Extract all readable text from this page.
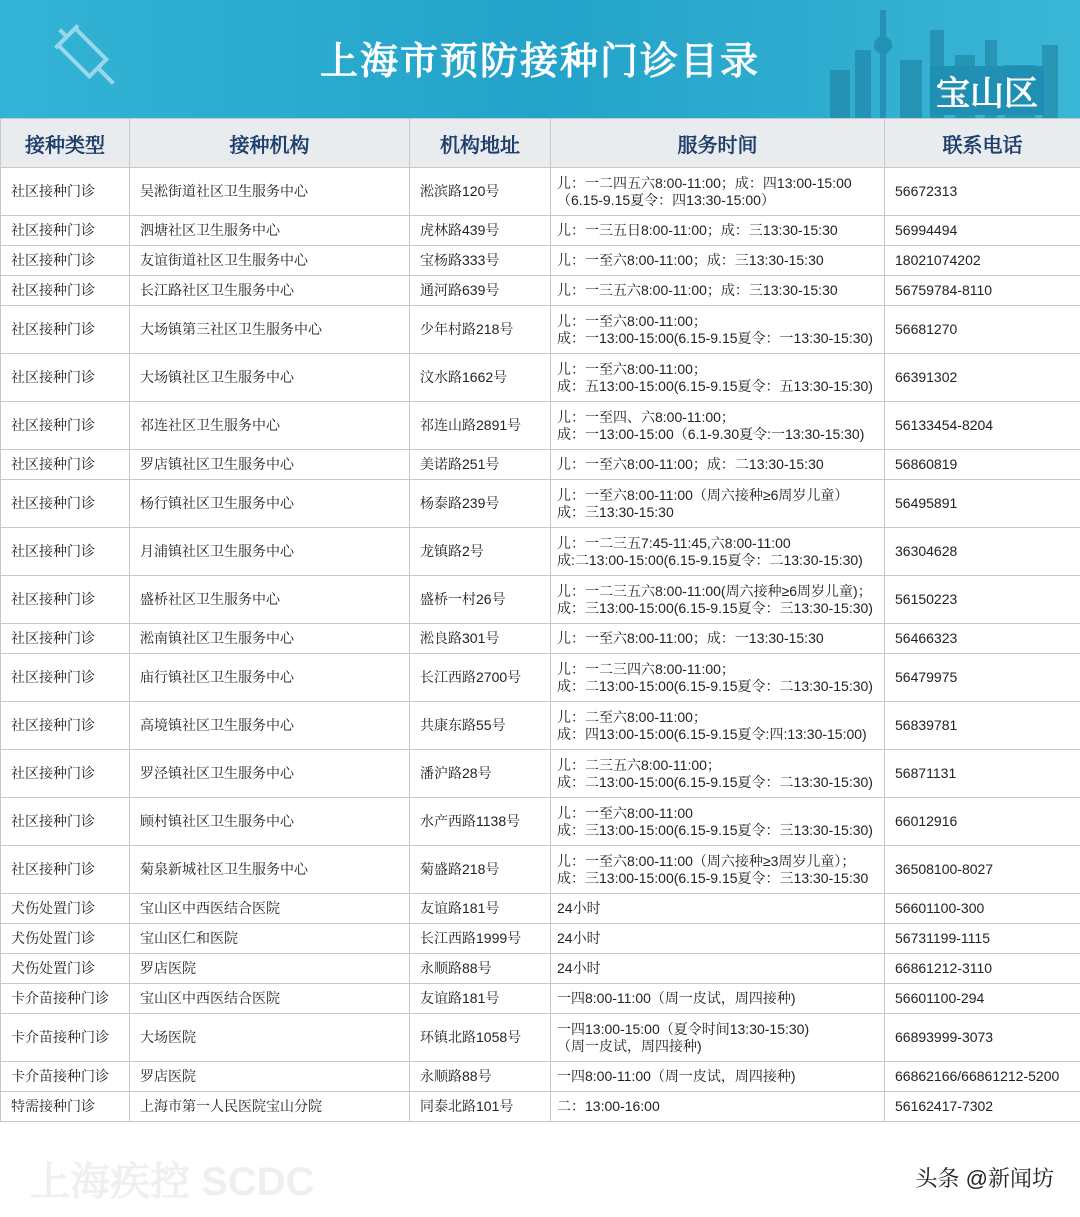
上海市预防接种门诊目录
宝山区
接种类型	接种机构	机构地址	服务时间	联系电话
社区接种门诊	吴淞街道社区卫生服务中心	淞滨路120号	儿：一二四五六8:00-11:00；成：四13:00-15:00
（6.15-9.15夏令：四13:30-15:00）	56672313
社区接种门诊	泗塘社区卫生服务中心	虎林路439号	儿：一三五日8:00-11:00；成：三13:30-15:30	56994494
社区接种门诊	友谊街道社区卫生服务中心	宝杨路333号	儿：一至六8:00-11:00；成：三13:30-15:30	18021074202
社区接种门诊	长江路社区卫生服务中心	通河路639号	儿：一三五六8:00-11:00；成：三13:30-15:30	56759784-8110
社区接种门诊	大场镇第三社区卫生服务中心	少年村路218号	儿：一至六8:00-11:00；
成：一13:00-15:00(6.15-9.15夏令：一13:30-15:30)	56681270
社区接种门诊	大场镇社区卫生服务中心	汶水路1662号	儿：一至六8:00-11:00；
成：五13:00-15:00(6.15-9.15夏令：五13:30-15:30)	66391302
社区接种门诊	祁连社区卫生服务中心	祁连山路2891号	儿：一至四、六8:00-11:00；
成：一13:00-15:00（6.1-9.30夏令:一13:30-15:30)	56133454-8204
社区接种门诊	罗店镇社区卫生服务中心	美诺路251号	儿：一至六8:00-11:00；成：二13:30-15:30	56860819
社区接种门诊	杨行镇社区卫生服务中心	杨泰路239号	儿：一至六8:00-11:00（周六接种≥6周岁儿童）
成：三13:30-15:30	56495891
社区接种门诊	月浦镇社区卫生服务中心	龙镇路2号	儿：一二三五7:45-11:45,六8:00-11:00
成:二13:00-15:00(6.15-9.15夏令：二13:30-15:30)	36304628
社区接种门诊	盛桥社区卫生服务中心	盛桥一村26号	儿：一二三五六8:00-11:00(周六接种≥6周岁儿童)；
成：三13:00-15:00(6.15-9.15夏令：三13:30-15:30)	56150223
社区接种门诊	淞南镇社区卫生服务中心	淞良路301号	儿：一至六8:00-11:00；成：一13:30-15:30	56466323
社区接种门诊	庙行镇社区卫生服务中心	长江西路2700号	儿：一二三四六8:00-11:00；
成：二13:00-15:00(6.15-9.15夏令：二13:30-15:30)	56479975
社区接种门诊	高境镇社区卫生服务中心	共康东路55号	儿：二至六8:00-11:00；
成：四13:00-15:00(6.15-9.15夏令:四:13:30-15:00)	56839781
社区接种门诊	罗泾镇社区卫生服务中心	潘沪路28号	儿：二三五六8:00-11:00；
成：二13:00-15:00(6.15-9.15夏令：二13:30-15:30)	56871131
社区接种门诊	顾村镇社区卫生服务中心	水产西路1138号	儿：一至六8:00-11:00
成：三13:00-15:00(6.15-9.15夏令：三13:30-15:30)	66012916
社区接种门诊	菊泉新城社区卫生服务中心	菊盛路218号	儿：一至六8:00-11:00（周六接种≥3周岁儿童）；
成：三13:00-15:00(6.15-9.15夏令：三13:30-15:30	36508100-8027
犬伤处置门诊	宝山区中西医结合医院	友谊路181号	24小时	56601100-300
犬伤处置门诊	宝山区仁和医院	长江西路1999号	24小时	56731199-1115
犬伤处置门诊	罗店医院	永顺路88号	24小时	66861212-3110
卡介苗接种门诊	宝山区中西医结合医院	友谊路181号	一四8:00-11:00（周一皮试，周四接种)	56601100-294
卡介苗接种门诊	大场医院	环镇北路1058号	一四13:00-15:00（夏令时间13:30-15:30)
（周一皮试，周四接种)	66893999-3073
卡介苗接种门诊	罗店医院	永顺路88号	一四8:00-11:00（周一皮试，周四接种)	66862166/66861212-5200
特需接种门诊	上海市第一人民医院宝山分院	同泰北路101号	二：13:00-16:00	56162417-7302
上海疾控 SCDC	头条 @新闻坊
